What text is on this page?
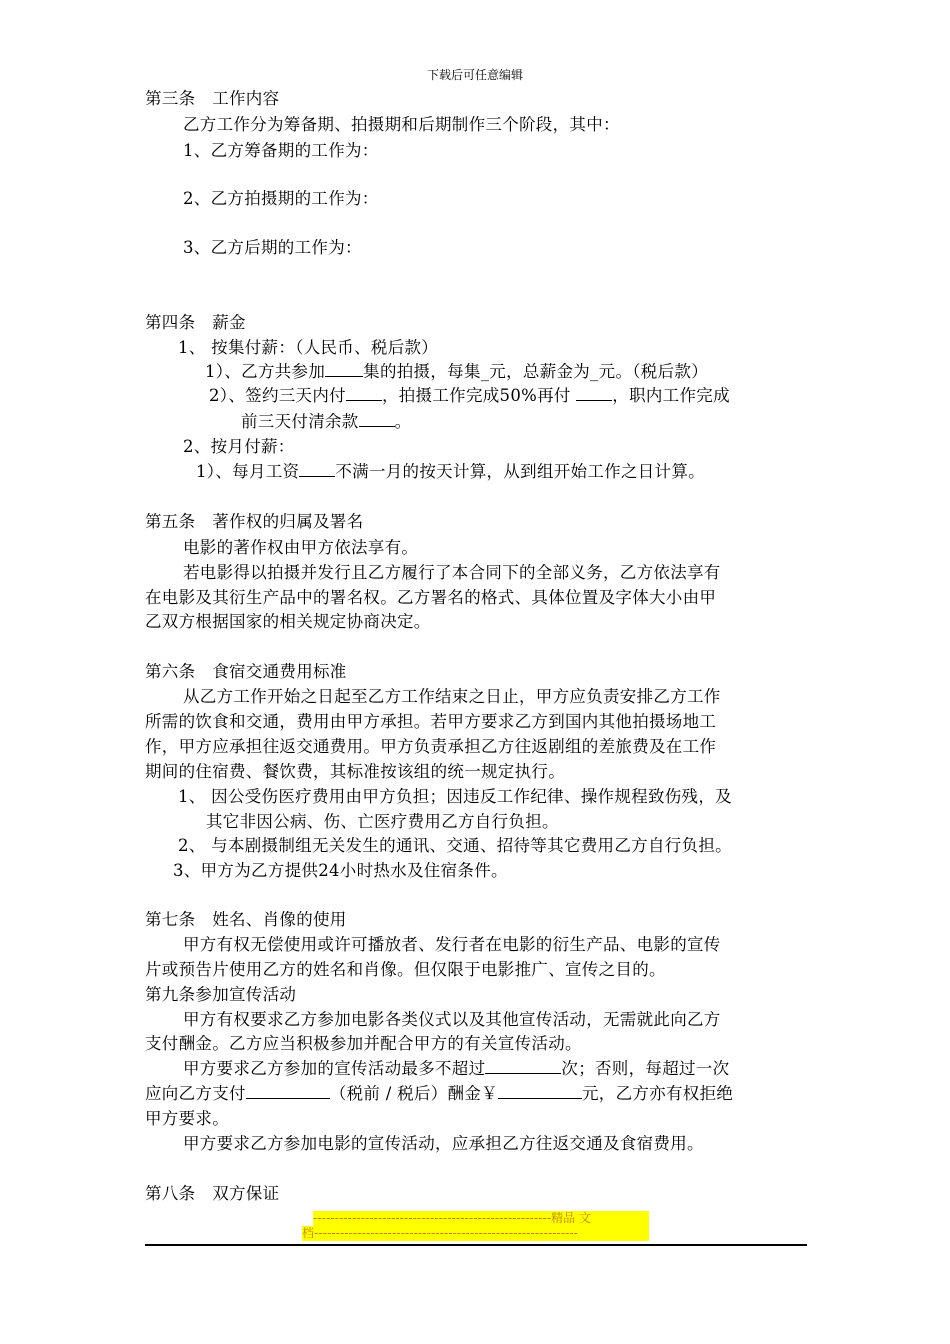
下载后可任意编辑
第三条　工作内容
乙方工作分为筹备期、拍摄期和后期制作三个阶段，其中：
1、乙方筹备期的工作为：
2、乙方拍摄期的工作为：
3、乙方后期的工作为：
第四条　薪金
1、 按集付薪：（人民币、税后款）
1）、乙方共参加 集的拍摄，每集_元，总薪金为_元。（税后款）
2）、签约三天内付 ，拍摄工作完成50%再付 ，职内工作完成
前三天付清余款 。
2、按月付薪：
1）、每月工资 不满一月的按天计算，从到组开始工作之日计算。
第五条　著作权的归属及署名
电影的著作权由甲方依法享有。
若电影得以拍摄并发行且乙方履行了本合同下的全部义务，乙方依法享有
在电影及其衍生产品中的署名权。乙方署名的格式、具体位置及字体大小由甲
乙双方根据国家的相关规定协商决定。
第六条　食宿交通费用标准
从乙方工作开始之日起至乙方工作结束之日止，甲方应负责安排乙方工作
所需的饮食和交通，费用由甲方承担。若甲方要求乙方到国内其他拍摄场地工
作，甲方应承担往返交通费用。甲方负责承担乙方往返剧组的差旅费及在工作
期间的住宿费、餐饮费，其标准按该组的统一规定执行。
1、 因公受伤医疗费用由甲方负担；因违反工作纪律、操作规程致伤残，及
其它非因公病、伤、亡医疗费用乙方自行负担。
2、 与本剧摄制组无关发生的通讯、交通、招待等其它费用乙方自行负担。
3、甲方为乙方提供24小时热水及住宿条件。
第七条　姓名、肖像的使用
甲方有权无偿使用或许可播放者、发行者在电影的衍生产品、电影的宣传
片或预告片使用乙方的姓名和肖像。但仅限于电影推广、宣传之目的。
第九条参加宣传活动
甲方有权要求乙方参加电影各类仪式以及其他宣传活动，无需就此向乙方
支付酬金。乙方应当积极参加并配合甲方的有关宣传活动。
甲方要求乙方参加的宣传活动最多不超过	次；否则，每超过一次
应向乙方支付	（税前 / 税后）酬金￥	元，乙方亦有权拒绝
甲方要求。
甲方要求乙方参加电影的宣传活动，应承担乙方往返交通及食宿费用。
第八条　双方保证
-------------------------------------------------------精品 文
档-------------------------------------------------------------
